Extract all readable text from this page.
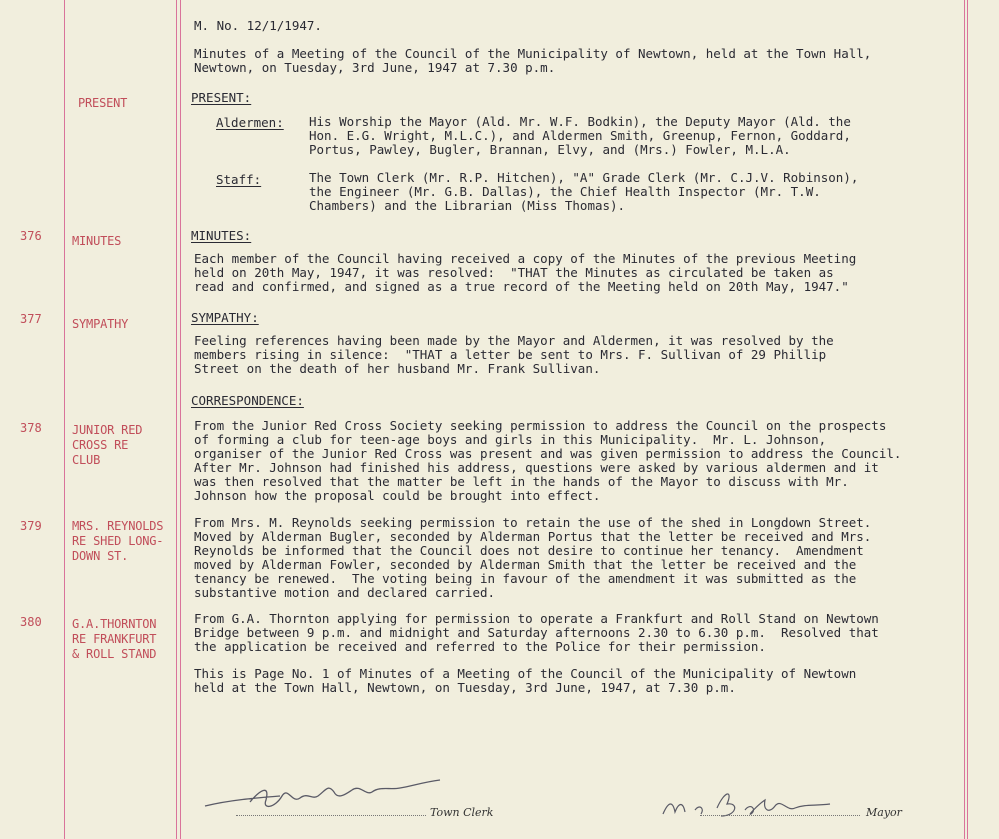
M. No. 12/1/1947.
Minutes of a Meeting of the Council of the Municipality of Newtown, held at the Town Hall,
Newtown, on Tuesday, 3rd June, 1947 at 7.30 p.m.
PRESENT	PRESENT:
Aldermen: His Worship the Mayor (Ald. Mr. W.F. Bodkin), the Deputy Mayor (Ald. the
Hon. E.G. Wright, M.L.C.), and Aldermen Smith, Greenup, Fernon, Goddard,
Portus, Pawley, Bugler, Brannan, Elvy, and (Mrs.) Fowler, M.L.A.
Staff:	The Town Clerk (Mr. R.P. Hitchen), "A" Grade Clerk (Mr. C.J.V. Robinson),
the Engineer (Mr. G.B. Dallas), the Chief Health Inspector (Mr. T.W.
Chambers) and the Librarian (Miss Thomas).
376	MINUTES	MINUTES:
Each member of the Council having received a copy of the Minutes of the previous Meeting
held on 20th May, 1947, it was resolved:  "THAT the Minutes as circulated be taken as
read and confirmed, and signed as a true record of the Meeting held on 20th May, 1947."
377	SYMPATHY	SYMPATHY:
Feeling references having been made by the Mayor and Aldermen, it was resolved by the
members rising in silence:  "THAT a letter be sent to Mrs. F. Sullivan of 29 Phillip
Street on the death of her husband Mr. Frank Sullivan.
CORRESPONDENCE:
378	JUNIOR RED
CROSS RE
CLUB
From the Junior Red Cross Society seeking permission to address the Council on the prospects
of forming a club for teen-age boys and girls in this Municipality.  Mr. L. Johnson,
organiser of the Junior Red Cross was present and was given permission to address the Council.
After Mr. Johnson had finished his address, questions were asked by various aldermen and it
was then resolved that the matter be left in the hands of the Mayor to discuss with Mr.
Johnson how the proposal could be brought into effect.
379	MRS. REYNOLDS
RE SHED LONG-
DOWN ST.
From Mrs. M. Reynolds seeking permission to retain the use of the shed in Longdown Street.
Moved by Alderman Bugler, seconded by Alderman Portus that the letter be received and Mrs.
Reynolds be informed that the Council does not desire to continue her tenancy.  Amendment
moved by Alderman Fowler, seconded by Alderman Smith that the letter be received and the
tenancy be renewed.  The voting being in favour of the amendment it was submitted as the
substantive motion and declared carried.
380	G.A.THORNTON
RE FRANKFURT
& ROLL STAND
From G.A. Thornton applying for permission to operate a Frankfurt and Roll Stand on Newtown
Bridge between 9 p.m. and midnight and Saturday afternoons 2.30 to 6.30 p.m.  Resolved that
the application be received and referred to the Police for their permission.
This is Page No. 1 of Minutes of a Meeting of the Council of the Municipality of Newtown
held at the Town Hall, Newtown, on Tuesday, 3rd June, 1947, at 7.30 p.m.
Town Clerk	Mayor
